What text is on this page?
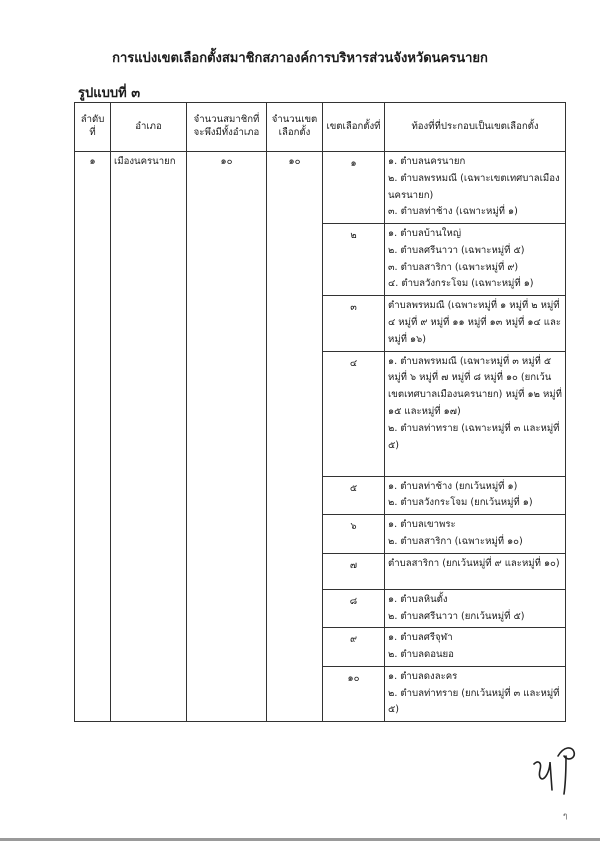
การแบ่งเขตเลือกตั้งสมาชิกสภาองค์การบริหารส่วนจังหวัดนครนายก
รูปแบบที่ ๓
ลำดับที่	อำเภอ	จำนวนสมาชิกที่จะพึงมีทั้งอำเภอ	จำนวนเขตเลือกตั้ง	เขตเลือกตั้งที่	ท้องที่ที่ประกอบเป็นเขตเลือกตั้ง
๑	เมืองนครนายก	๑๐	๑๐	๑	๑. ตำบลนครนายก
๒. ตำบลพรหมณี (เฉพาะเขตเทศบาลเมืองนครนายก)
๓. ตำบลท่าช้าง (เฉพาะหมู่ที่ ๑)

				๒	๑. ตำบลบ้านใหญ่
๒. ตำบลศรีนาวา (เฉพาะหมู่ที่ ๕)
๓. ตำบลสาริกา (เฉพาะหมู่ที่ ๙)
๔. ตำบลวังกระโจม (เฉพาะหมู่ที่ ๑)

				๓	ตำบลพรหมณี (เฉพาะหมู่ที่ ๑ หมู่ที่ ๒ หมู่ที่ ๔ หมู่ที่ ๙ หมู่ที่ ๑๑ หมู่ที่ ๑๓ หมู่ที่ ๑๔ และหมู่ที่ ๑๖)

				๔	๑. ตำบลพรหมณี (เฉพาะหมู่ที่ ๓ หมู่ที่ ๕ หมู่ที่ ๖ หมู่ที่ ๗ หมู่ที่ ๘ หมู่ที่ ๑๐ (ยกเว้นเขตเทศบาลเมืองนครนายก) หมู่ที่ ๑๒ หมู่ที่ ๑๕ และหมู่ที่ ๑๗)
๒. ตำบลท่าทราย (เฉพาะหมู่ที่ ๓ และหมู่ที่ ๕)

				๕	๑. ตำบลท่าช้าง (ยกเว้นหมู่ที่ ๑)
๒. ตำบลวังกระโจม (ยกเว้นหมู่ที่ ๑)

				๖	๑. ตำบลเขาพระ
๒. ตำบลสาริกา (เฉพาะหมู่ที่ ๑๐)

				๗	ตำบลสาริกา (ยกเว้นหมู่ที่ ๙ และหมู่ที่ ๑๐)

				๘	๑. ตำบลหินตั้ง
๒. ตำบลศรีนาวา (ยกเว้นหมู่ที่ ๕)

				๙	๑. ตำบลศรีจุฬา
๒. ตำบลดอนยอ

				๑๐	๑. ตำบลดงละคร
๒. ตำบลท่าทราย (ยกเว้นหมู่ที่ ๓ และหมู่ที่ ๕)
ๆ
